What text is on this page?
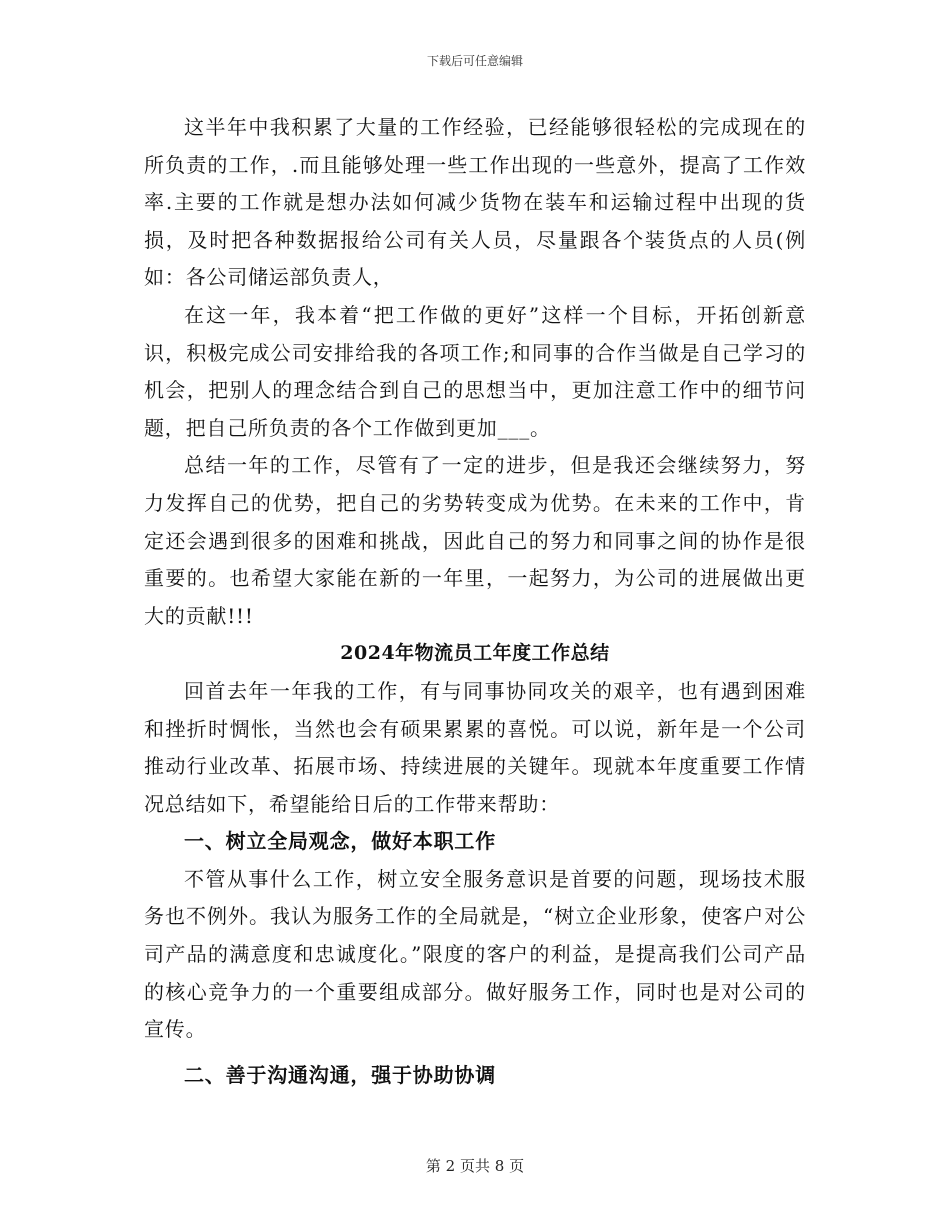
下载后可任意编辑

这半年中我积累了大量的工作经验，已经能够很轻松的完成现在的所负责的工作，.而且能够处理一些工作出现的一些意外，提高了工作效率.主要的工作就是想办法如何减少货物在装车和运输过程中出现的货损，及时把各种数据报给公司有关人员，尽量跟各个装货点的人员(例如：各公司储运部负责人，

在这一年，我本着“把工作做的更好”这样一个目标，开拓创新意识，积极完成公司安排给我的各项工作;和同事的合作当做是自己学习的机会，把别人的理念结合到自己的思想当中，更加注意工作中的细节问题，把自己所负责的各个工作做到更加___。

总结一年的工作，尽管有了一定的进步，但是我还会继续努力，努力发挥自己的优势，把自己的劣势转变成为优势。在未来的工作中，肯定还会遇到很多的困难和挑战，因此自己的努力和同事之间的协作是很重要的。也希望大家能在新的一年里，一起努力，为公司的进展做出更大的贡献!!!

2024年物流员工年度工作总结

回首去年一年我的工作，有与同事协同攻关的艰辛，也有遇到困难和挫折时惆怅，当然也会有硕果累累的喜悦。可以说，新年是一个公司推动行业改革、拓展市场、持续进展的关键年。现就本年度重要工作情况总结如下，希望能给日后的工作带来帮助：

一、树立全局观念，做好本职工作

不管从事什么工作，树立安全服务意识是首要的问题，现场技术服务也不例外。我认为服务工作的全局就是，“树立企业形象，使客户对公司产品的满意度和忠诚度化。”限度的客户的利益，是提高我们公司产品的核心竞争力的一个重要组成部分。做好服务工作，同时也是对公司的宣传。

二、善于沟通沟通，强于协助协调

第 2 页共 8 页
